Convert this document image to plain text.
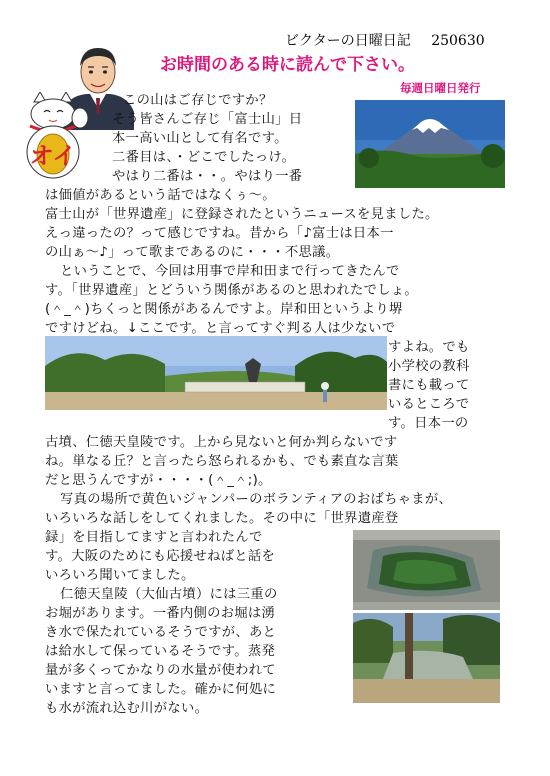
ビクターの日曜日記 250630
お時間のある時に読んで下さい。
毎週日曜日発行
オイ
この山はご存じですか？
そう皆さんご存じ「富士山」日
本一高い山として有名です。
二番目は、・どこでしたっけ。
やはり二番は・・。やはり一番
は価値があるという話ではなくぅ〜。
富士山が「世界遺産」に登録されたというニュースを見ました。
えっ違ったの？って感じですね。昔から「♪富士は日本一
の山ぁ〜♪」って歌まであるのに・・・不思議。
ということで、今回は用事で岸和田まで行ってきたんで
す。「世界遺産」とどういう関係があるのと思われたでしょ。
(＾_＾)ちくっと関係があるんですよ。岸和田というより堺
ですけどね。↓ここです。と言ってすぐ判る人は少ないで
すよね。でも
小学校の教科
書にも載って
いるところで
す。日本一の
古墳、仁徳天皇陵です。上から見ないと何か判らないです
ね。単なる丘？と言ったら怒られるかも、でも素直な言葉
だと思うんですが・・・・(＾_＾;)。
写真の場所で黄色いジャンパーのボランティアのおばちゃまが、
いろいろな話しをしてくれました。その中に「世界遺産登
録」を目指してますと言われたんで
す。大阪のためにも応援せねばと話を
いろいろ聞いてました。
仁徳天皇陵（大仙古墳）には三重の
お堀があります。一番内側のお堀は湧
き水で保たれているそうですが、あと
は給水して保っているそうです。蒸発
量が多くってかなりの水量が使われて
いますと言ってました。確かに何処に
も水が流れ込む川がない。
